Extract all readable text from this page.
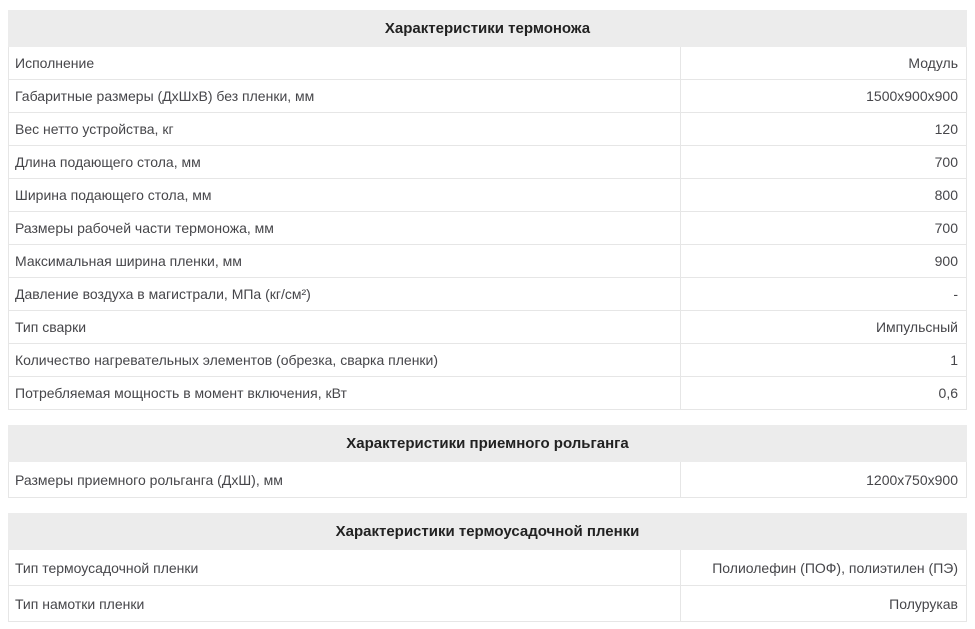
Характеристики термоножа
Исполнение	Модуль
Габаритные размеры (ДхШхВ) без пленки, мм	1500x900x900
Вес нетто устройства, кг	120
Длина подающего стола, мм	700
Ширина подающего стола, мм	800
Размеры рабочей части термоножа, мм	700
Максимальная ширина пленки, мм	900
Давление воздуха в магистрали, МПа (кг/см²)	-
Тип сварки	Импульсный
Количество нагревательных элементов (обрезка, сварка пленки)	1
Потребляемая мощность в момент включения, кВт	0,6
Характеристики приемного рольганга
Размеры приемного рольганга (ДхШ), мм	1200x750x900
Характеристики термоусадочной пленки
Тип термоусадочной пленки	Полиолефин (ПОФ), полиэтилен (ПЭ)
Тип намотки пленки	Полурукав
